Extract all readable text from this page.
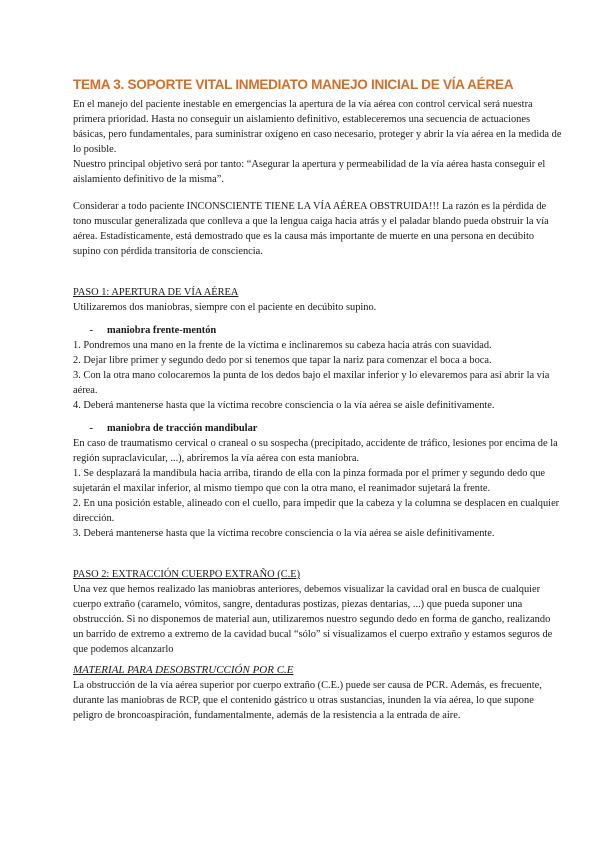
TEMA 3. SOPORTE VITAL INMEDIATO MANEJO INICIAL DE VÍA AÉREA

En el manejo del paciente inestable en emergencias la apertura de la vía aérea con control cervical será nuestra primera prioridad. Hasta no conseguir un aislamiento definitivo, estableceremos una secuencia de actuaciones básicas, pero fundamentales, para suministrar oxígeno en caso necesario, proteger y abrir la vía aérea en la medida de lo posible.

Nuestro principal objetivo será por tanto: “Asegurar la apertura y permeabilidad de la vía aérea hasta conseguir el aislamiento definitivo de la misma”.

Considerar a todo paciente INCONSCIENTE TIENE LA VÍA AÉREA OBSTRUIDA!!! La razón es la pérdida de tono muscular generalizada que conlleva a que la lengua caiga hacia atrás y el paladar blando pueda obstruir la vía aérea. Estadísticamente, está demostrado que es la causa más importante de muerte en una persona en decúbito supino con pérdida transitoria de consciencia.

PASO 1: APERTURA DE VÍA AÉREA

Utilizaremos dos maniobras, siempre con el paciente en decúbito supino.

-	maniobra frente-mentón

1. Pondremos una mano en la frente de la víctima e inclinaremos su cabeza hacia atrás con suavidad.

2. Dejar libre primer y segundo dedo por si tenemos que tapar la nariz para comenzar el boca a boca.

3. Con la otra mano colocaremos la punta de los dedos bajo el maxilar inferior y lo elevaremos para así abrir la vía aérea.

4. Deberá mantenerse hasta que la víctima recobre consciencia o la vía aérea se aisle definitivamente.

-	maniobra de tracción mandibular

En caso de traumatismo cervical o craneal o su sospecha (precipitado, accidente de tráfico, lesiones por encima de la región supraclavicular, ...), abriremos la vía aérea con esta maniobra.

1. Se desplazará la mandíbula hacia arriba, tirando de ella con la pinza formada por el primer y segundo dedo que sujetarán el maxilar inferior, al mismo tiempo que con la otra mano, el reanimador sujetará la frente.

2. En una posición estable, alineado con el cuello, para impedir que la cabeza y la columna se desplacen en cualquier dirección.

3. Deberá mantenerse hasta que la víctima recobre consciencia o la vía aérea se aisle definitivamente.

PASO 2: EXTRACCIÓN CUERPO EXTRAÑO (C.E)

Una vez que hemos realizado las maniobras anteriores, debemos visualizar la cavidad oral en busca de cualquier cuerpo extraño (caramelo, vómitos, sangre, dentaduras postizas, piezas dentarias, ...) que pueda suponer una obstrucción. Si no disponemos de material aun, utilizaremos nuestro segundo dedo en forma de gancho, realizando un barrido de extremo a extremo de la cavidad bucal “sólo” si visualizamos el cuerpo extraño y estamos seguros de que podemos alcanzarlo

MATERIAL PARA DESOBSTRUCCIÓN POR C.E

La obstrucción de la vía aérea superior por cuerpo extraño (C.E.) puede ser causa de PCR. Además, es frecuente, durante las maniobras de RCP, que el contenido gástrico u otras sustancias, inunden la vía aérea, lo que supone peligro de broncoaspiración, fundamentalmente, además de la resistencia a la entrada de aire.
